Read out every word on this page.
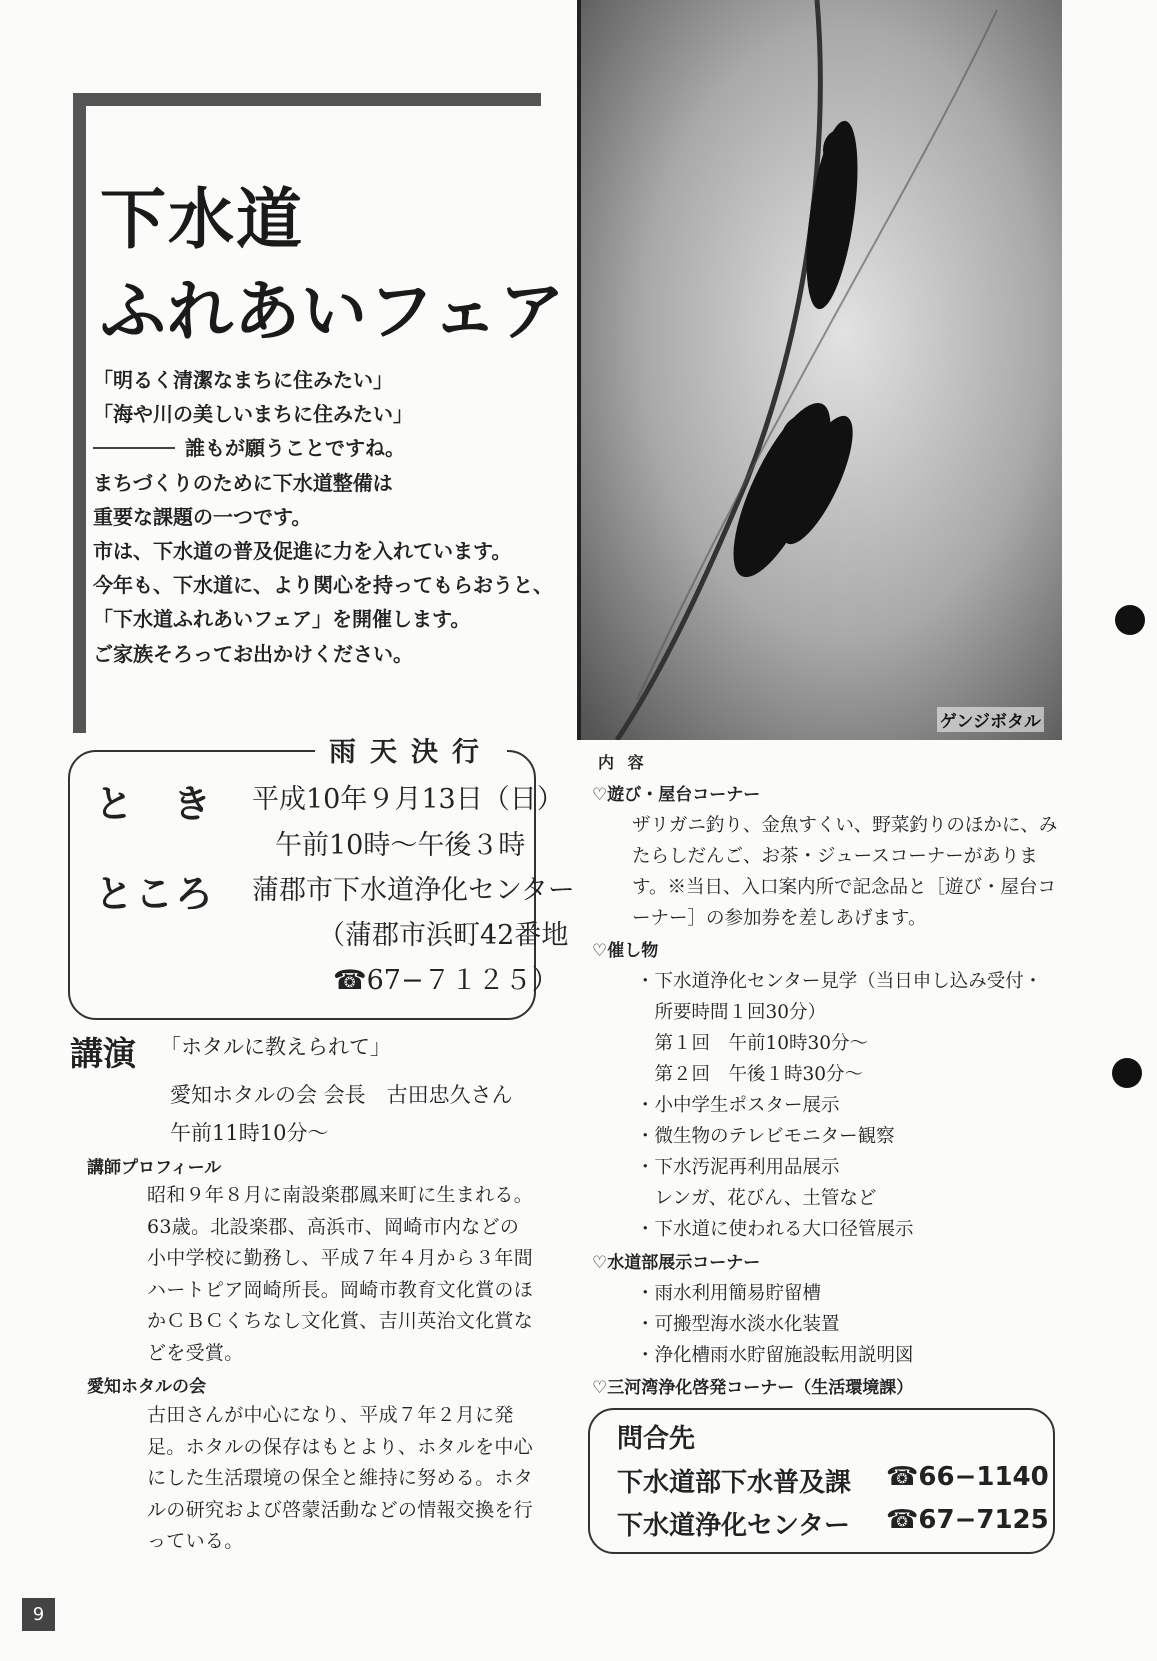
下水道
ふれあいフェア
「明るく清潔なまちに住みたい」
「海や川の美しいまちに住みたい」
誰もが願うことですね。
まちづくりのために下水道整備は
重要な課題の一つです。
市は、下水道の普及促進に力を入れています。
今年も、下水道に、より関心を持ってもらおうと、
「下水道ふれあいフェア」を開催します。
ご家族そろってお出かけください。
ゲンジボタル
雨天決行
とき
ところ
平成10年９月13日（日）
午前10時〜午後３時
蒲郡市下水道浄化センター
（蒲郡市浜町42番地
☎67−７１２５）
講演 「ホタルに教えられて」
愛知ホタルの会 会長　古田忠久さん
午前11時10分〜
講師プロフィール
昭和９年８月に南設楽郡鳳来町に生まれる。63歳。北設楽郡、高浜市、岡崎市内などの小中学校に勤務し、平成７年４月から３年間ハートピア岡崎所長。岡崎市教育文化賞のほかＣＢＣくちなし文化賞、吉川英治文化賞などを受賞。
愛知ホタルの会
古田さんが中心になり、平成７年２月に発足。ホタルの保存はもとより、ホタルを中心にした生活環境の保全と維持に努める。ホタルの研究および啓蒙活動などの情報交換を行っている。
内 容
♡遊び・屋台コーナー
ザリガニ釣り、金魚すくい、野菜釣りのほかに、みたらしだんご、お茶・ジュースコーナーがあります。※当日、入口案内所で記念品と［遊び・屋台コーナー］の参加券を差しあげます。
♡催し物
・下水道浄化センター見学（当日申し込み受付・
　所要時間１回30分）
　第１回　午前10時30分〜
　第２回　午後１時30分〜
・小中学生ポスター展示
・微生物のテレビモニター観察
・下水汚泥再利用品展示
　レンガ、花びん、土管など
・下水道に使われる大口径管展示
♡水道部展示コーナー
・雨水利用簡易貯留槽
・可搬型海水淡水化装置
・浄化槽雨水貯留施設転用説明図
♡三河湾浄化啓発コーナー（生活環境課）
問合先
下水道部下水普及課 ☎66−1140
下水道浄化センター ☎67−7125
9
